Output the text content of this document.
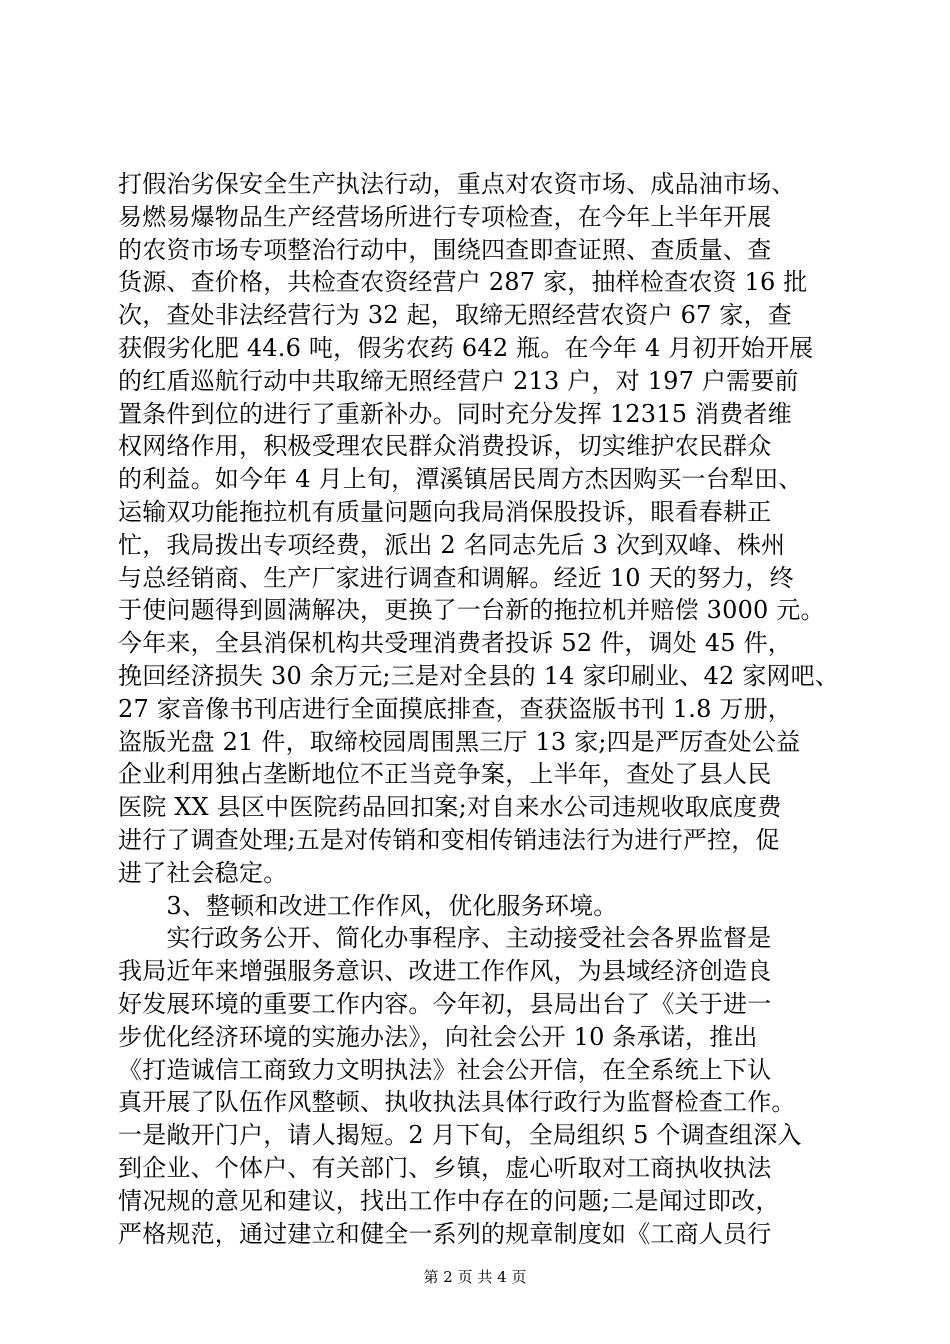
打假治劣保安全生产执法行动，重点对农资市场、成品油市场、
易燃易爆物品生产经营场所进行专项检查，在今年上半年开展
的农资市场专项整治行动中，围绕四查即查证照、查质量、查
货源、查价格，共检查农资经营户 287 家，抽样检查农资 16 批
次，查处非法经营行为 32 起，取缔无照经营农资户 67 家，查
获假劣化肥 44.6 吨，假劣农药 642 瓶。在今年 4 月初开始开展
的红盾巡航行动中共取缔无照经营户 213 户，对 197 户需要前
置条件到位的进行了重新补办。同时充分发挥 12315 消费者维
权网络作用，积极受理农民群众消费投诉，切实维护农民群众
的利益。如今年 4 月上旬，潭溪镇居民周方杰因购买一台犁田、
运输双功能拖拉机有质量问题向我局消保股投诉，眼看春耕正
忙，我局拨出专项经费，派出 2 名同志先后 3 次到双峰、株州
与总经销商、生产厂家进行调查和调解。经近 10 天的努力，终
于使问题得到圆满解决，更换了一台新的拖拉机并赔偿 3000 元。
今年来，全县消保机构共受理消费者投诉 52 件，调处 45 件，
挽回经济损失 30 余万元;三是对全县的 14 家印刷业、42 家网吧、
27 家音像书刊店进行全面摸底排查，查获盗版书刊 1.8 万册，
盗版光盘 21 件，取缔校园周围黑三厅 13 家;四是严厉查处公益
企业利用独占垄断地位不正当竞争案，上半年，查处了县人民
医院 XX 县区中医院药品回扣案;对自来水公司违规收取底度费
进行了调查处理;五是对传销和变相传销违法行为进行严控，促
进了社会稳定。
　　3、整顿和改进工作作风，优化服务环境。
　　实行政务公开、简化办事程序、主动接受社会各界监督是
我局近年来增强服务意识、改进工作作风，为县域经济创造良
好发展环境的重要工作内容。今年初，县局出台了《关于进一
步优化经济环境的实施办法》，向社会公开 10 条承诺，推出
《打造诚信工商致力文明执法》社会公开信，在全系统上下认
真开展了队伍作风整顿、执收执法具体行政行为监督检查工作。
一是敞开门户，请人揭短。2 月下旬，全局组织 5 个调查组深入
到企业、个体户、有关部门、乡镇，虚心听取对工商执收执法
情况规的意见和建议，找出工作中存在的问题;二是闻过即改，
严格规范，通过建立和健全一系列的规章制度如《工商人员行
第 2 页 共 4 页
